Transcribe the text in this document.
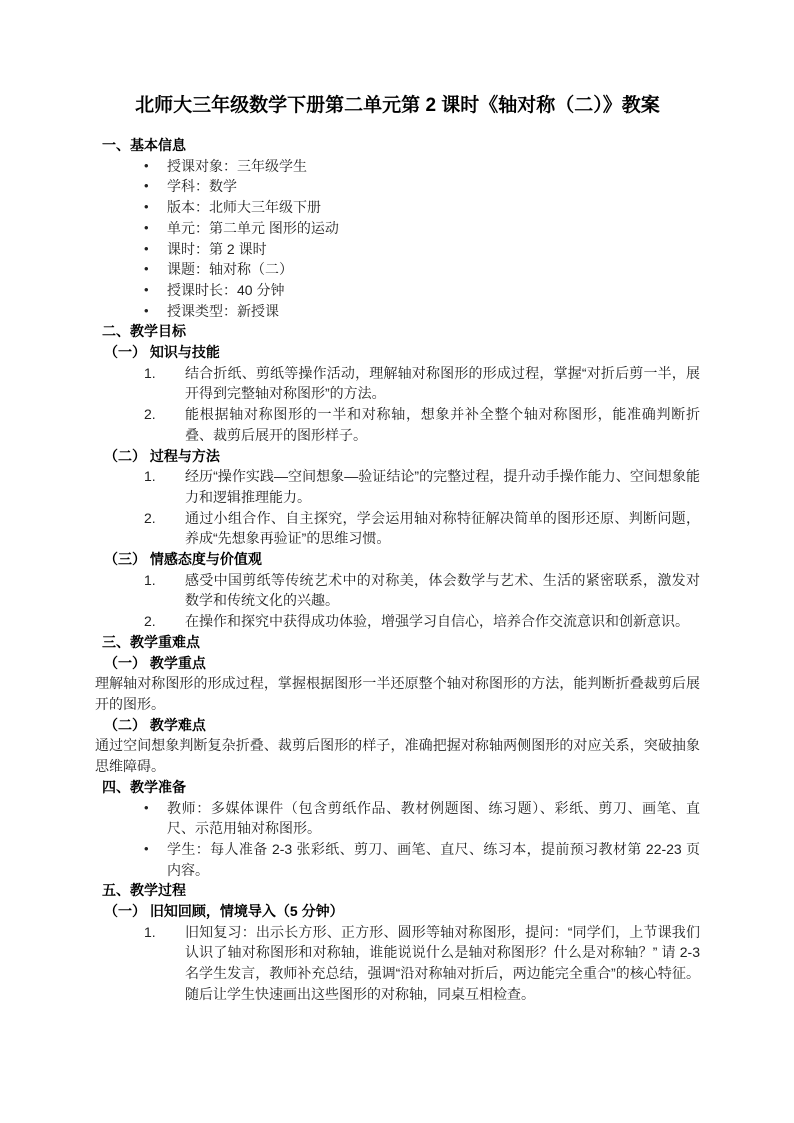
北师大三年级数学下册第二单元第 2 课时《轴对称（二）》教案
一、基本信息
•	授课对象：三年级学生
•	学科：数学
•	版本：北师大三年级下册
•	单元：第二单元 图形的运动
•	课时：第 2 课时
•	课题：轴对称（二）
•	授课时长：40 分钟
•	授课类型：新授课
二、教学目标
（一） 知识与技能
1.	结合折纸、剪纸等操作活动，理解轴对称图形的形成过程，掌握“对折后剪一半，展开得到完整轴对称图形”的方法。
2.	能根据轴对称图形的一半和对称轴，想象并补全整个轴对称图形，能准确判断折叠、裁剪后展开的图形样子。
（二） 过程与方法
1.	经历“操作实践—空间想象—验证结论”的完整过程，提升动手操作能力、空间想象能力和逻辑推理能力。
2.	通过小组合作、自主探究，学会运用轴对称特征解决简单的图形还原、判断问题，养成“先想象再验证”的思维习惯。
（三） 情感态度与价值观
1.	感受中国剪纸等传统艺术中的对称美，体会数学与艺术、生活的紧密联系，激发对数学和传统文化的兴趣。
2.	在操作和探究中获得成功体验，增强学习自信心，培养合作交流意识和创新意识。
三、教学重难点
（一） 教学重点
理解轴对称图形的形成过程，掌握根据图形一半还原整个轴对称图形的方法，能判断折叠裁剪后展开的图形。
（二） 教学难点
通过空间想象判断复杂折叠、裁剪后图形的样子，准确把握对称轴两侧图形的对应关系，突破抽象思维障碍。
四、教学准备
•	教师：多媒体课件（包含剪纸作品、教材例题图、练习题）、彩纸、剪刀、画笔、直尺、示范用轴对称图形。
•	学生：每人准备 2-3 张彩纸、剪刀、画笔、直尺、练习本，提前预习教材第 22-23 页内容。
五、教学过程
（一） 旧知回顾，情境导入（5 分钟）
1.	旧知复习：出示长方形、正方形、圆形等轴对称图形，提问：“同学们，上节课我们认识了轴对称图形和对称轴，谁能说说什么是轴对称图形？什么是对称轴？” 请 2-3 名学生发言，教师补充总结，强调“沿对称轴对折后，两边能完全重合”的核心特征。随后让学生快速画出这些图形的对称轴，同桌互相检查。
